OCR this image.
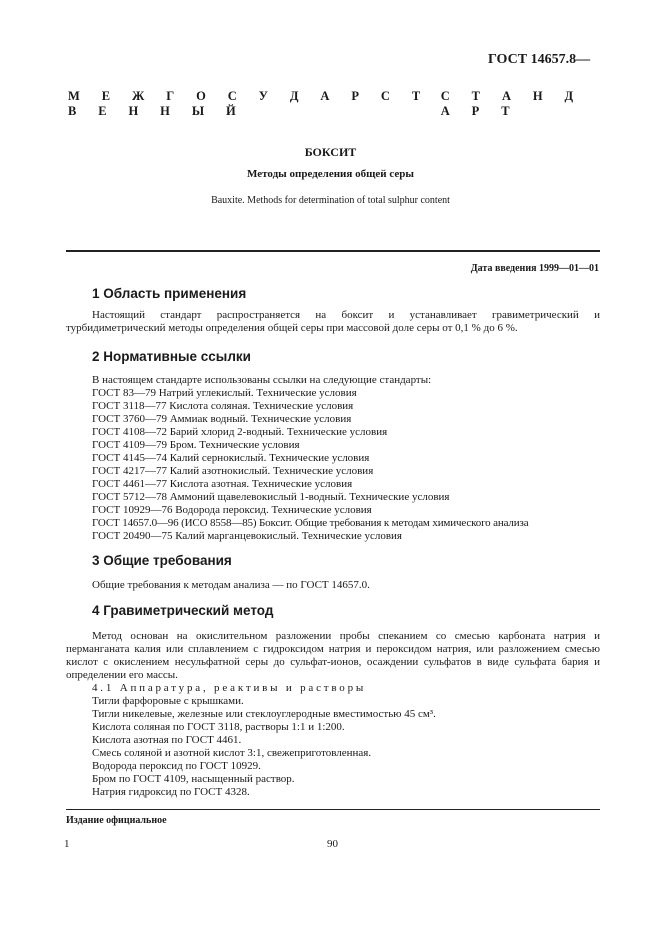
ГОСТ 14657.8—
М Е Ж Г О С У Д А Р С Т В Е Н Н Ы Й
С Т А Н Д А Р Т
БОКСИТ
Методы определения общей серы
Bauxite. Methods for determination of total sulphur content
Дата введения 1999—01—01
1 Область применения
Настоящий стандарт распространяется на боксит и устанавливает гравиметрический и турбидиметрический методы определения общей серы при массовой доле серы от 0,1 % до 6 %.
2 Нормативные ссылки
В настоящем стандарте использованы ссылки на следующие стандарты:
ГОСТ 83—79 Натрий углекислый. Технические условия
ГОСТ 3118—77 Кислота соляная. Технические условия
ГОСТ 3760—79 Аммиак водный. Технические условия
ГОСТ 4108—72 Барий хлорид 2-водный. Технические условия
ГОСТ 4109—79 Бром. Технические условия
ГОСТ 4145—74 Калий сернокислый. Технические условия
ГОСТ 4217—77 Калий азотнокислый. Технические условия
ГОСТ 4461—77 Кислота азотная. Технические условия
ГОСТ 5712—78 Аммоний щавелевокислый 1-водный. Технические условия
ГОСТ 10929—76 Водорода пероксид. Технические условия
ГОСТ 14657.0—96 (ИСО 8558—85) Боксит. Общие требования к методам химического анализа
ГОСТ 20490—75 Калий марганцевокислый. Технические условия
3 Общие требования
Общие требования к методам анализа — по ГОСТ 14657.0.
4 Гравиметрический метод
Метод основан на окислительном разложении пробы спеканием со смесью карбоната натрия и перманганата калия или сплавлением с гидроксидом натрия и пероксидом натрия, или разложением смесью кислот с окислением несульфатной серы до сульфат-ионов, осаждении сульфатов в виде сульфата бария и определении его массы.
4.1 Аппаратура, реактивы и растворы
Тигли фарфоровые с крышками.
Тигли никелевые, железные или стеклоуглеродные вместимостью 45 см³.
Кислота соляная по ГОСТ 3118, растворы 1:1 и 1:200.
Кислота азотная по ГОСТ 4461.
Смесь соляной и азотной кислот 3:1, свежеприготовленная.
Водорода пероксид по ГОСТ 10929.
Бром по ГОСТ 4109, насыщенный раствор.
Натрия гидроксид по ГОСТ 4328.
Издание официальное
1	90
